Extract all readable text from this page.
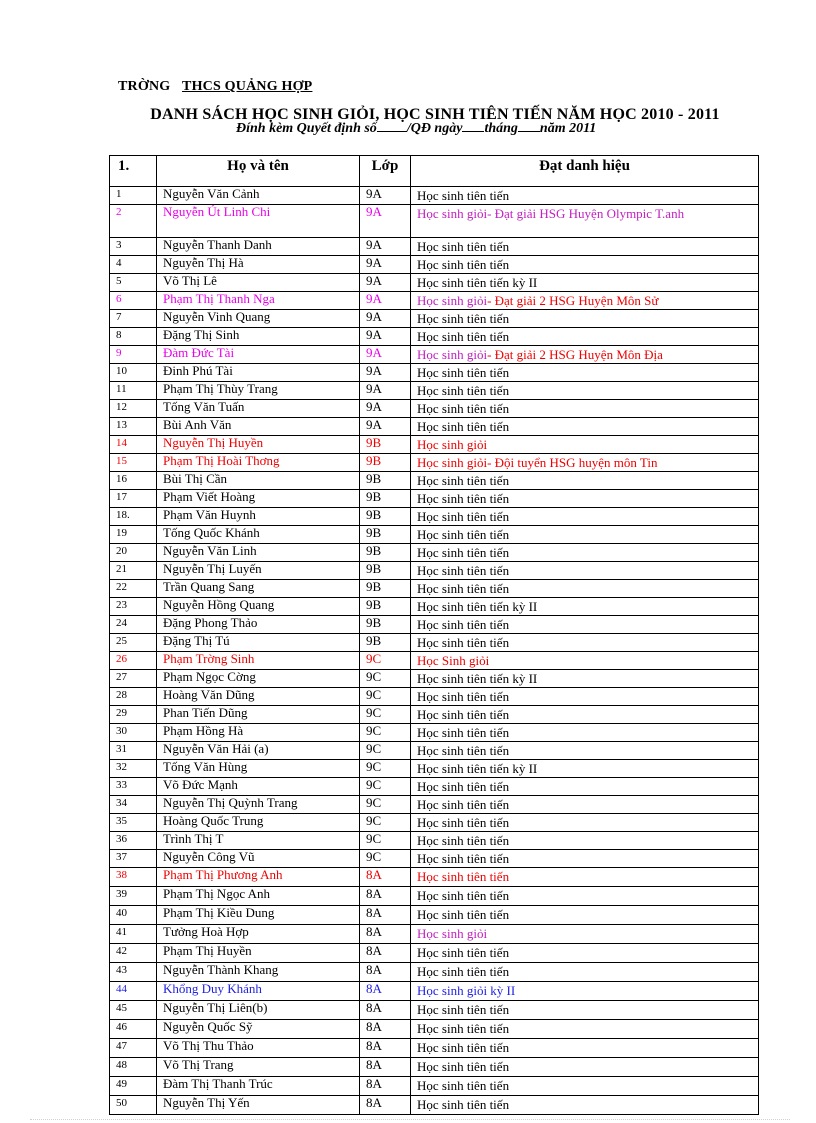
TRỜNG THCS QUẢNG HỢP
DANH SÁCH HỌC SINH GIỎI, HỌC SINH TIÊN TIẾN NĂM HỌC 2010 - 2011
Đính kèm Quyết định số /QĐ ngày tháng năm 2011
1.	Họ và tên	Lớp	Đạt danh hiệu
1	Nguyễn Văn Cảnh	9A	Học sinh tiên tiến
2	Nguyễn Út Linh Chi	9A	Học sinh giỏi- Đạt giải HSG Huyện Olympic T.anh
3	Nguyễn Thanh Danh	9A	Học sinh tiên tiến
4	Nguyễn Thị Hà	9A	Học sinh tiên tiến
5	Võ Thị Lê	9A	Học sinh tiên tiến kỳ II
6	Phạm Thị Thanh Nga	9A	Học sinh giỏi- Đạt giải 2 HSG Huyện Môn Sử
7	Nguyễn Vinh Quang	9A	Học sinh tiên tiến
8	Đặng Thị Sinh	9A	Học sinh tiên tiến
9	Đàm Đức Tài	9A	Học sinh giỏi- Đạt giải 2 HSG Huyện Môn Địa
10	Đinh Phú Tài	9A	Học sinh tiên tiến
11	Phạm Thị Thùy Trang	9A	Học sinh tiên tiến
12	Tống Văn Tuấn	9A	Học sinh tiên tiến
13	Bùi Anh Văn	9A	Học sinh tiên tiến
14	Nguyễn Thị Huyền	9B	Học sinh giỏi
15	Phạm Thị Hoài Thơng	9B	Học sinh giỏi- Đội tuyển HSG huyện môn Tin
16	Bùi Thị Cần	9B	Học sinh tiên tiến
17	Phạm Viết Hoàng	9B	Học sinh tiên tiến
18.	Phạm Văn Huynh	9B	Học sinh tiên tiến
19	Tống Quốc Khánh	9B	Học sinh tiên tiến
20	Nguyễn Văn Linh	9B	Học sinh tiên tiến
21	Nguyễn Thị Luyến	9B	Học sinh tiên tiến
22	Trần Quang Sang	9B	Học sinh tiên tiến
23	Nguyễn Hồng Quang	9B	Học sinh tiên tiến kỳ II
24	Đặng Phong Thảo	9B	Học sinh tiên tiến
25	Đặng Thị Tú	9B	Học sinh tiên tiến
26	Phạm Trờng Sinh	9C	Học Sinh giỏi
27	Phạm Ngọc Cờng	9C	Học sinh tiên tiến kỳ II
28	Hoàng Văn Dũng	9C	Học sinh tiên tiến
29	Phan Tiến Dũng	9C	Học sinh tiên tiến
30	Phạm Hồng Hà	9C	Học sinh tiên tiến
31	Nguyễn Văn Hải (a)	9C	Học sinh tiên tiến
32	Tống Văn Hùng	9C	Học sinh tiên tiến kỳ II
33	Võ Đức Mạnh	9C	Học sinh tiên tiến
34	Nguyễn Thị Quỳnh Trang	9C	Học sinh tiên tiến
35	Hoàng Quốc Trung	9C	Học sinh tiên tiến
36	Trình Thị T	9C	Học sinh tiên tiến
37	Nguyễn Công Vũ	9C	Học sinh tiên tiến
38	Phạm Thị Phương Anh	8A	Học sinh tiên tiến
39	Phạm Thị Ngọc Anh	8A	Học sinh tiên tiến
40	Phạm Thị Kiều Dung	8A	Học sinh tiên tiến
41	Tưởng Hoà Hợp	8A	Học sinh giỏi
42	Phạm Thị Huyền	8A	Học sinh tiên tiến
43	Nguyễn Thành Khang	8A	Học sinh tiên tiến
44	Khổng Duy Khánh	8A	Học sinh giỏi kỳ II
45	Nguyễn Thị Liên(b)	8A	Học sinh tiên tiến
46	Nguyễn Quốc Sỹ	8A	Học sinh tiên tiến
47	Võ Thị Thu Thảo	8A	Học sinh tiên tiến
48	Võ Thị Trang	8A	Học sinh tiên tiến
49	Đàm Thị Thanh Trúc	8A	Học sinh tiên tiến
50	Nguyễn Thị Yến	8A	Học sinh tiên tiến
